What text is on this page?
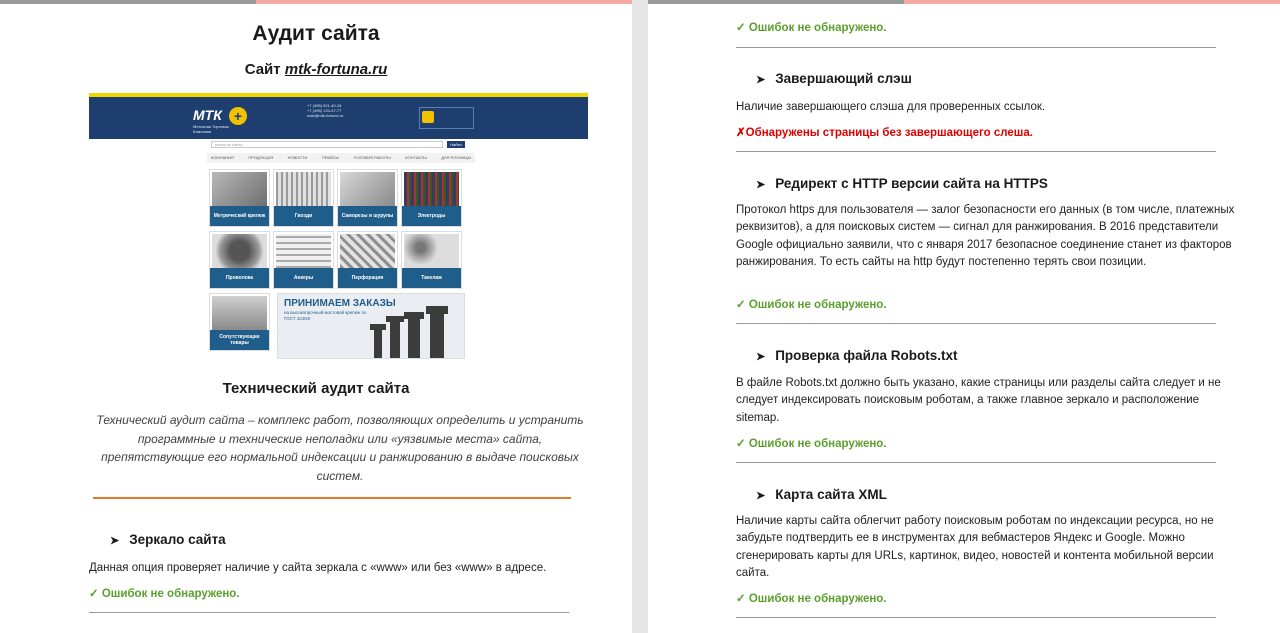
Аудит сайта
Сайт mtk-fortuna.ru
МТК +
Метизная Торговая Компания
+7 (495) 921-40-15
+7 (495) 134-47-77
msk@mtk-fortuna.ru
поиск по сайту	Найти
КОМПАНИЯ	ПРОДУКЦИЯ	НОВОСТИ	ПРАЙСЫ	УСЛОВИЯ РАБОТЫ	КОНТАКТЫ	ДЛЯ РОЗНИЦЫ
Метрический крепеж	Гвозди	Саморезы и шурупы	Электроды
Проволока	Анкеры	Перфорация	Такелаж
Сопутствующие товары
ПРИНИМАЕМ ЗАКАЗЫ
на высокопрочный мостовой крепеж по ГОСТ 32484!
Технический аудит сайта
Технический аудит сайта – комплекс работ, позволяющих определить и устранить программные и технические неполадки или «уязвимые места» сайта, препятствующие его нормальной индексации и ранжированию в выдаче поисковых систем.
➤ Зеркало сайта
Данная опция проверяет наличие у сайта зеркала с «www» или без «www» в адресе.
✓ Ошибок не обнаружено.
✓ Ошибок не обнаружено.
➤ Завершающий слэш
Наличие завершающего слэша для проверенных ссылок.
✗Обнаружены страницы без завершающего слеша.
➤ Редирект с HTTP версии сайта на HTTPS
Протокол https для пользователя — залог безопасности его данных (в том числе, платежных реквизитов), а для поисковых систем — сигнал для ранжирования. В 2016 представители Google официально заявили, что с января 2017 безопасное соединение станет из факторов ранжирования. То есть сайты на http будут постепенно терять свои позиции.
✓ Ошибок не обнаружено.
➤ Проверка файла Robots.txt
В файле Robots.txt должно быть указано, какие страницы или разделы сайта следует и не следует индексировать поисковым роботам, а также главное зеркало и расположение sitemap.
✓ Ошибок не обнаружено.
➤ Карта сайта XML
Наличие карты сайта облегчит работу поисковым роботам по индексации ресурса, но не забудьте подтвердить ее в инструментах для вебмастеров Яндекс и Google. Можно сгенерировать карты для URLs, картинок, видео, новостей и контента мобильной версии сайта.
✓ Ошибок не обнаружено.
